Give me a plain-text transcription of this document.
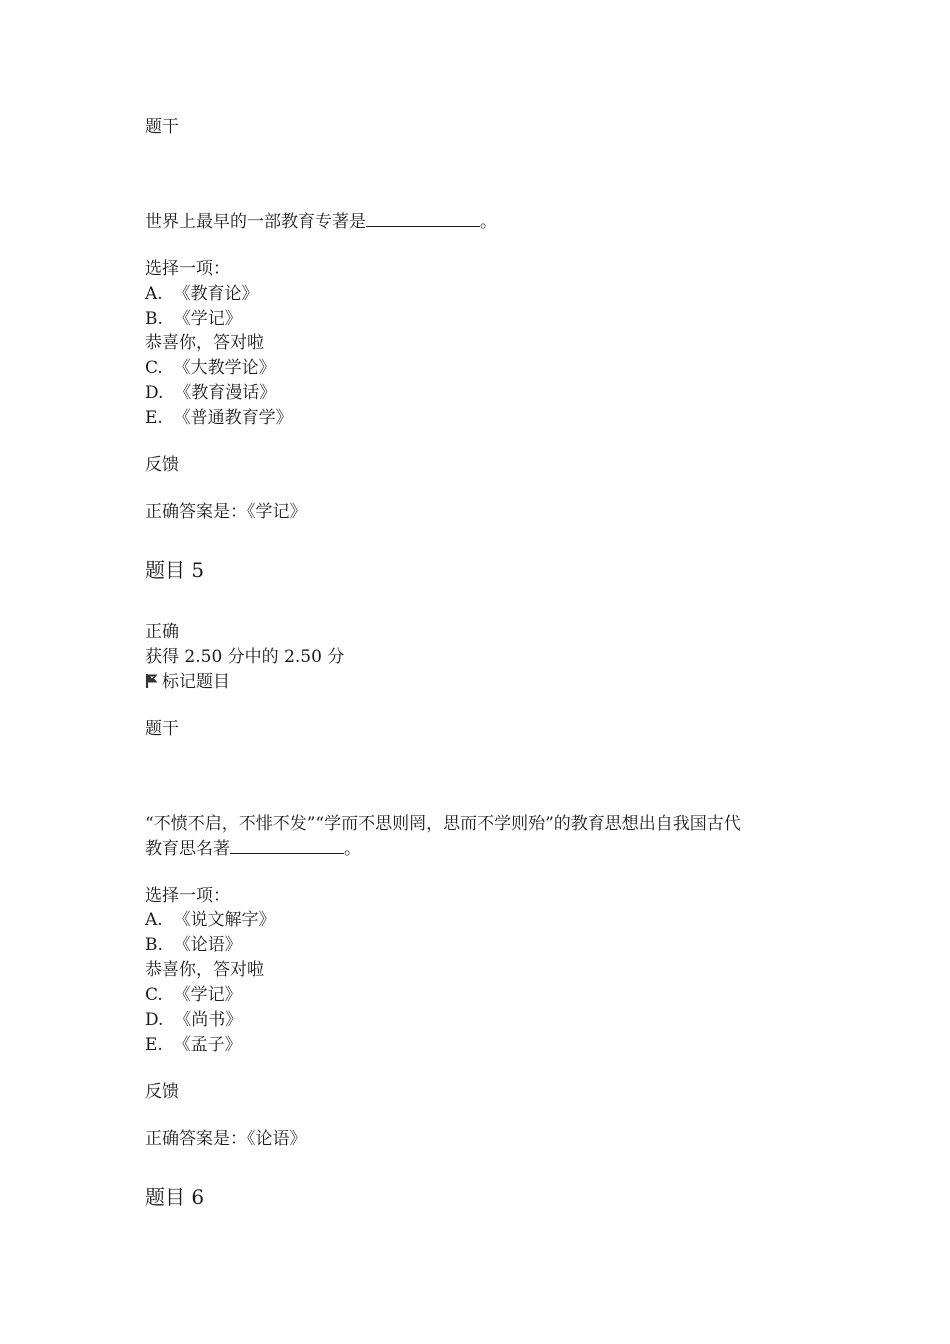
题干
世界上最早的一部教育专著是	。
选择一项：
A. 《教育论》
B. 《学记》
恭喜你，答对啦
C. 《大教学论》
D. 《教育漫话》
E. 《普通教育学》
反馈
正确答案是：《学记》
题目 5
正确
获得 2.50 分中的 2.50 分
标记题目
题干
“不愤不启，不悱不发”“学而不思则罔，思而不学则殆”的教育思想出自我国古代
教育思名著	。
选择一项：
A. 《说文解字》
B. 《论语》
恭喜你，答对啦
C. 《学记》
D. 《尚书》
E. 《孟子》
反馈
正确答案是：《论语》
题目 6
